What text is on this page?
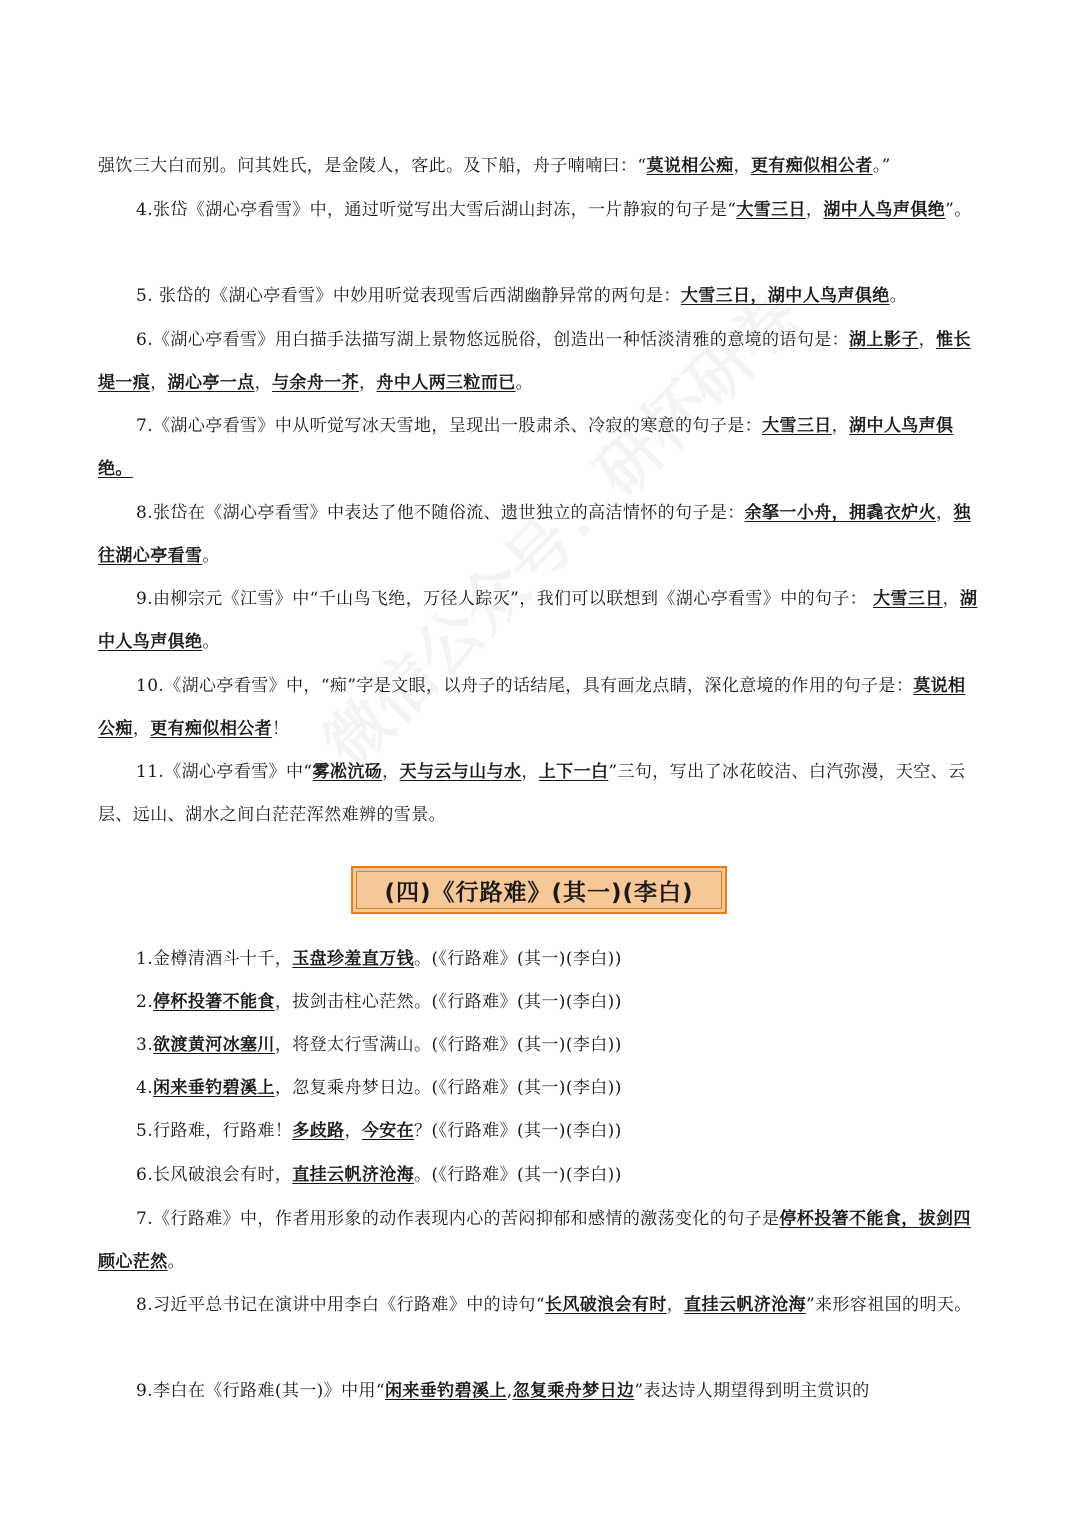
强饮三大白而别。问其姓氏，是金陵人，客此。及下船，舟子喃喃曰：“莫说相公痴，更有痴似相公者。”

4.张岱《湖心亭看雪》中，通过听觉写出大雪后湖山封冻，一片静寂的句子是“大雪三日，湖中人鸟声俱绝”。

5. 张岱的《湖心亭看雪》中妙用听觉表现雪后西湖幽静异常的两句是：大雪三日，湖中人鸟声俱绝。

6.《湖心亭看雪》用白描手法描写湖上景物悠远脱俗，创造出一种恬淡清雅的意境的语句是：湖上影子，惟长堤一痕，湖心亭一点，与余舟一芥，舟中人两三粒而已。

7.《湖心亭看雪》中从听觉写冰天雪地，呈现出一股肃杀、冷寂的寒意的句子是：大雪三日，湖中人鸟声俱绝。

8.张岱在《湖心亭看雪》中表达了他不随俗流、遗世独立的高洁情怀的句子是：余拏一小舟，拥毳衣炉火，独往湖心亭看雪。

9.由柳宗元《江雪》中“千山鸟飞绝，万径人踪灭”，我们可以联想到《湖心亭看雪》中的句子： 大雪三日，湖中人鸟声俱绝。

10.《湖心亭看雪》中，“痴”字是文眼，以舟子的话结尾，具有画龙点睛，深化意境的作用的句子是：莫说相公痴，更有痴似相公者！

11.《湖心亭看雪》中“雾凇沆砀，天与云与山与水，上下一白”三句，写出了冰花皎洁、白汽弥漫，天空、云层、远山、湖水之间白茫茫浑然难辨的雪景。

(四)《行路难》(其一)(李白)

1.金樽清酒斗十千，玉盘珍羞直万钱。(《行路难》(其一)(李白))

2.停杯投箸不能食，拔剑击柱心茫然。(《行路难》(其一)(李白))

3.欲渡黄河冰塞川，将登太行雪满山。(《行路难》(其一)(李白))

4.闲来垂钓碧溪上，忽复乘舟梦日边。(《行路难》(其一)(李白))

5.行路难，行路难！多歧路，今安在？(《行路难》(其一)(李白))

6.长风破浪会有时，直挂云帆济沧海。(《行路难》(其一)(李白))

7.《行路难》中，作者用形象的动作表现内心的苦闷抑郁和感情的激荡变化的句子是停杯投箸不能食，拔剑四顾心茫然。

8.习近平总书记在演讲中用李白《行路难》中的诗句“长风破浪会有时，直挂云帆济沧海”来形容祖国的明天。

9.李白在《行路难(其一)》中用“闲来垂钓碧溪上,忽复乘舟梦日边”表达诗人期望得到明主赏识的
